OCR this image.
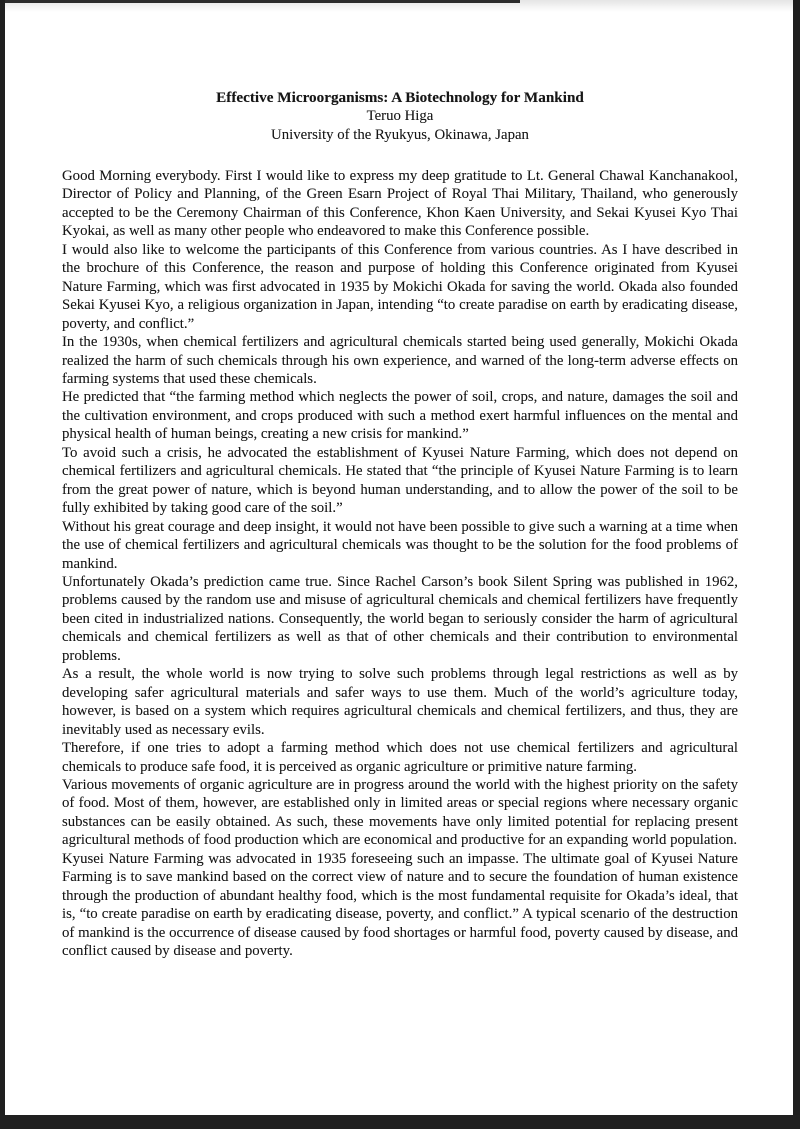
Effective Microorganisms: A Biotechnology for Mankind
Teruo Higa
University of the Ryukyus, Okinawa, Japan

Good Morning everybody. First I would like to express my deep gratitude to Lt. General Chawal Kanchanakool, Director of Policy and Planning, of the Green Esarn Project of Royal Thai Military, Thailand, who generously accepted to be the Ceremony Chairman of this Conference, Khon Kaen University, and Sekai Kyusei Kyo Thai Kyokai, as well as many other people who endeavored to make this Conference possible.

I would also like to welcome the participants of this Conference from various countries. As I have described in the brochure of this Conference, the reason and purpose of holding this Conference originated from Kyusei Nature Farming, which was first advocated in 1935 by Mokichi Okada for saving the world. Okada also founded Sekai Kyusei Kyo, a religious organization in Japan, intending “to create paradise on earth by eradicating disease, poverty, and conflict.”

In the 1930s, when chemical fertilizers and agricultural chemicals started being used generally, Mokichi Okada realized the harm of such chemicals through his own experience, and warned of the long-term adverse effects on farming systems that used these chemicals.

He predicted that “the farming method which neglects the power of soil, crops, and nature, damages the soil and the cultivation environment, and crops produced with such a method exert harmful influences on the mental and physical health of human beings, creating a new crisis for mankind.”

To avoid such a crisis, he advocated the establishment of Kyusei Nature Farming, which does not depend on chemical fertilizers and agricultural chemicals. He stated that “the principle of Kyusei Nature Farming is to learn from the great power of nature, which is beyond human understanding, and to allow the power of the soil to be fully exhibited by taking good care of the soil.”

Without his great courage and deep insight, it would not have been possible to give such a warning at a time when the use of chemical fertilizers and agricultural chemicals was thought to be the solution for the food problems of mankind.

Unfortunately Okada’s prediction came true. Since Rachel Carson’s book Silent Spring was published in 1962, problems caused by the random use and misuse of agricultural chemicals and chemical fertilizers have frequently been cited in industrialized nations. Consequently, the world began to seriously consider the harm of agricultural chemicals and chemical fertilizers as well as that of other chemicals and their contribution to environmental problems.

As a result, the whole world is now trying to solve such problems through legal restrictions as well as by developing safer agricultural materials and safer ways to use them. Much of the world’s agriculture today, however, is based on a system which requires agricultural chemicals and chemical fertilizers, and thus, they are inevitably used as necessary evils.

Therefore, if one tries to adopt a farming method which does not use chemical fertilizers and agricultural chemicals to produce safe food, it is perceived as organic agriculture or primitive nature farming.

Various movements of organic agriculture are in progress around the world with the highest priority on the safety of food. Most of them, however, are established only in limited areas or special regions where necessary organic substances can be easily obtained. As such, these movements have only limited potential for replacing present agricultural methods of food production which are economical and productive for an expanding world population.

Kyusei Nature Farming was advocated in 1935 foreseeing such an impasse. The ultimate goal of Kyusei Nature Farming is to save mankind based on the correct view of nature and to secure the foundation of human existence through the production of abundant healthy food, which is the most fundamental requisite for Okada’s ideal, that is, “to create paradise on earth by eradicating disease, poverty, and conflict.” A typical scenario of the destruction of mankind is the occurrence of disease caused by food shortages or harmful food, poverty caused by disease, and conflict caused by disease and poverty.
